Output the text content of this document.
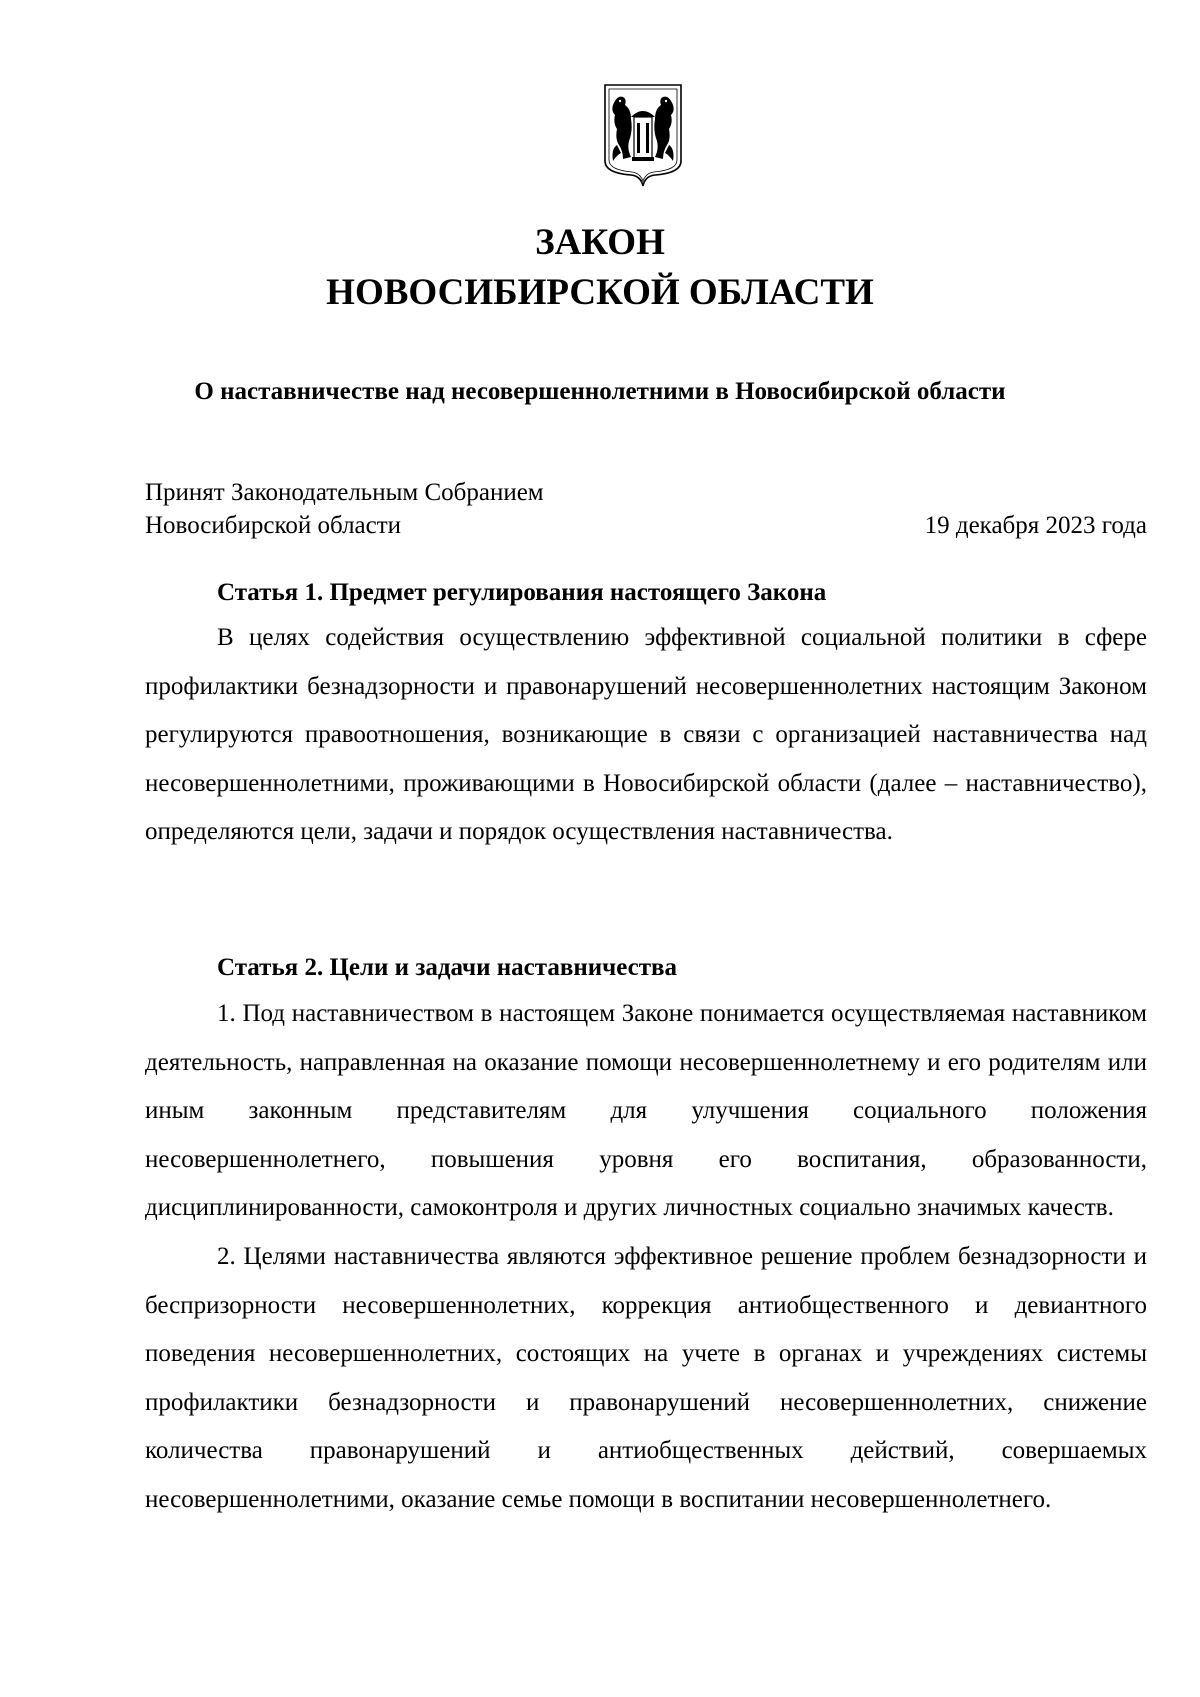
ЗАКОН
НОВОСИБИРСКОЙ ОБЛАСТИ
О наставничестве над несовершеннолетними в Новосибирской области
Принят Законодательным Собранием
Новосибирской области	19 декабря 2023 года

Статья 1. Предмет регулирования настоящего Закона

В целях содействия осуществлению эффективной социальной политики в сфере профилактики безнадзорности и правонарушений несовершеннолетних настоящим Законом регулируются правоотношения, возникающие в связи с организацией наставничества над несовершеннолетними, проживающими в Новосибирской области (далее – наставничество), определяются цели, задачи и порядок осуществления наставничества.

Статья 2. Цели и задачи наставничества

1. Под наставничеством в настоящем Законе понимается осуществляемая наставником деятельность, направленная на оказание помощи несовершеннолетнему и его родителям или иным законным представителям для улучшения социального положения несовершеннолетнего, повышения уровня его воспитания, образованности, дисциплинированности, самоконтроля и других личностных социально значимых качеств.

2. Целями наставничества являются эффективное решение проблем безнадзорности и беспризорности несовершеннолетних, коррекция антиобщественного и девиантного поведения несовершеннолетних, состоящих на учете в органах и учреждениях системы профилактики безнадзорности и правонарушений несовершеннолетних, снижение количества правонарушений и антиобщественных действий, совершаемых несовершеннолетними, оказание семье помощи в воспитании несовершеннолетнего.
